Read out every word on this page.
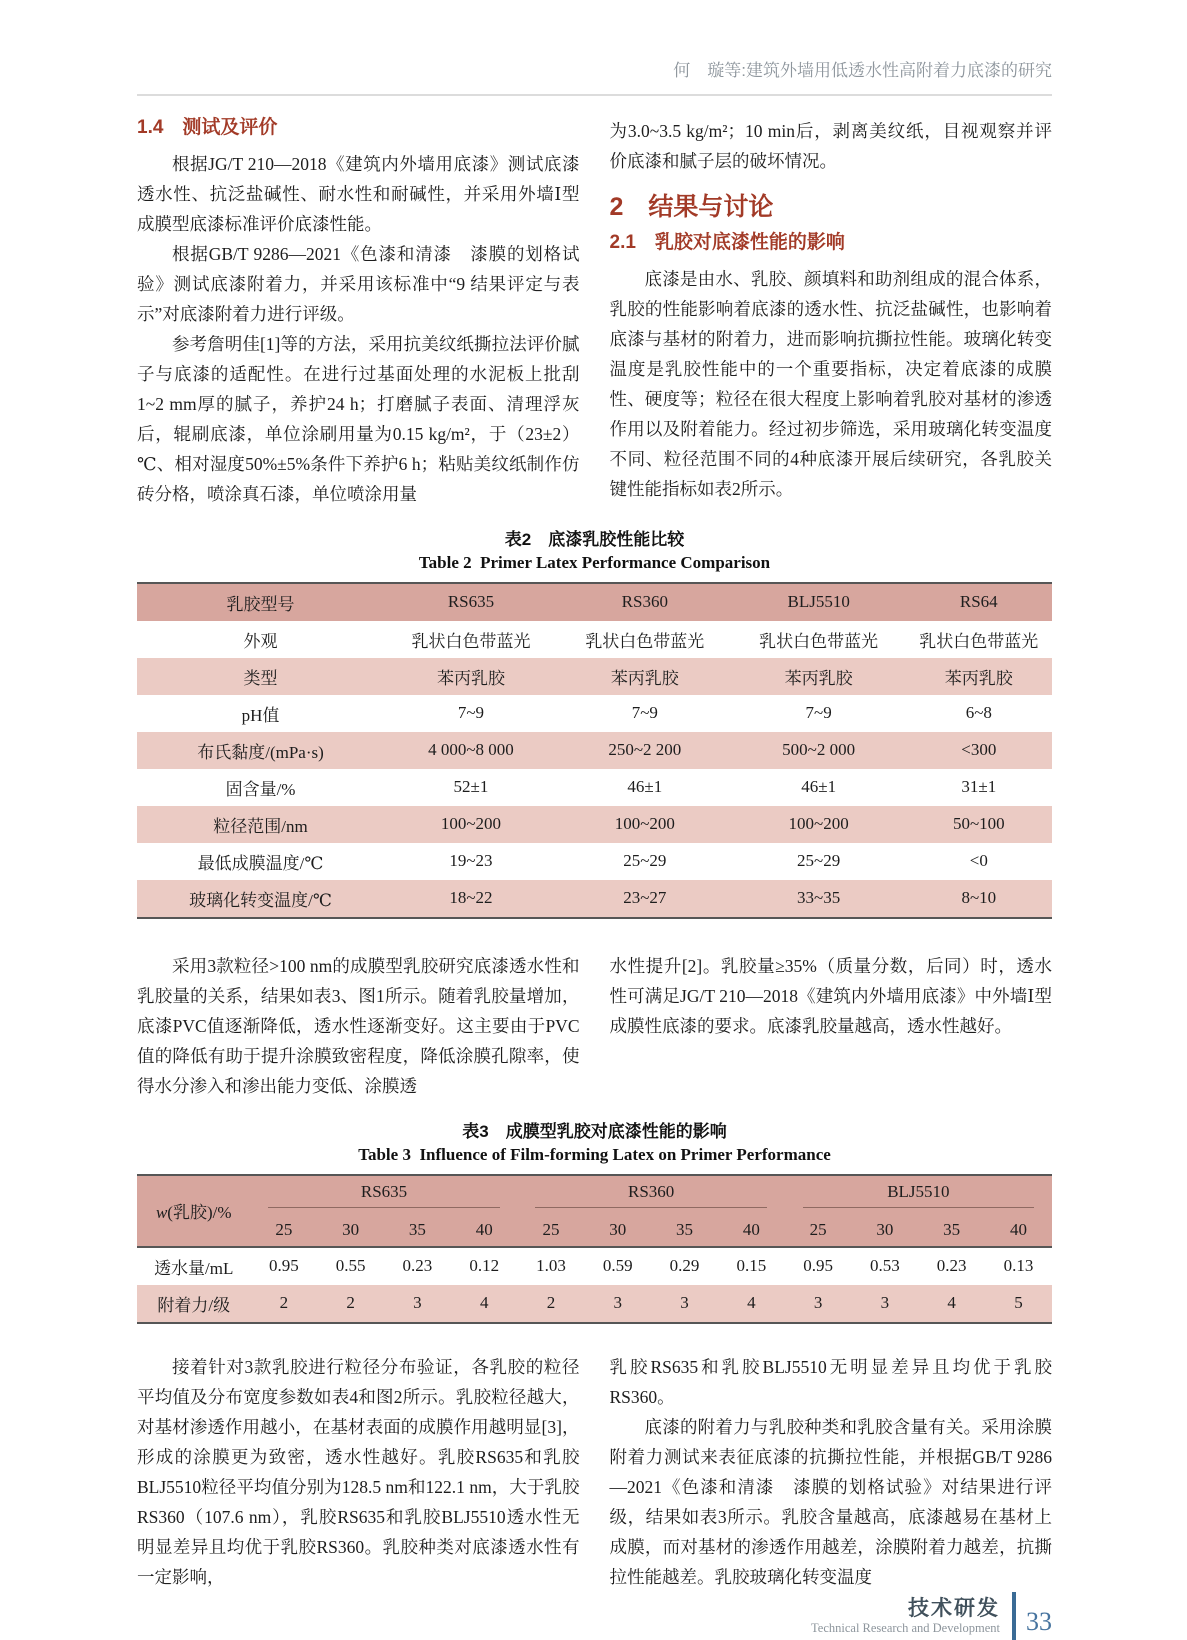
何　璇等:建筑外墙用低透水性高附着力底漆的研究
1.4　测试及评价

根据JG/T 210—2018《建筑内外墙用底漆》测试底漆透水性、抗泛盐碱性、耐水性和耐碱性，并采用外墙Ⅰ型成膜型底漆标准评价底漆性能。

根据GB/T 9286—2021《色漆和清漆　漆膜的划格试验》测试底漆附着力，并采用该标准中“9 结果评定与表示”对底漆附着力进行评级。

参考詹明佳[1]等的方法，采用抗美纹纸撕拉法评价腻子与底漆的适配性。在进行过基面处理的水泥板上批刮1~2 mm厚的腻子，养护24 h；打磨腻子表面、清理浮灰后，辊刷底漆，单位涂刷用量为0.15 kg/m²，于（23±2） ℃、相对湿度50%±5%条件下养护6 h；粘贴美纹纸制作仿砖分格，喷涂真石漆，单位喷涂用量

为3.0~3.5 kg/m²；10 min后，剥离美纹纸，目视观察并评价底漆和腻子层的破坏情况。

2　结果与讨论
2.1　乳胶对底漆性能的影响

底漆是由水、乳胶、颜填料和助剂组成的混合体系，乳胶的性能影响着底漆的透水性、抗泛盐碱性，也影响着底漆与基材的附着力，进而影响抗撕拉性能。玻璃化转变温度是乳胶性能中的一个重要指标，决定着底漆的成膜性、硬度等；粒径在很大程度上影响着乳胶对基材的渗透作用以及附着能力。经过初步筛选，采用玻璃化转变温度不同、粒径范围不同的4种底漆开展后续研究，各乳胶关键性能指标如表2所示。

表2　底漆乳胶性能比较
Table 2  Primer Latex Performance Comparison
乳胶型号	RS635	RS360	BLJ5510	RS64
外观	乳状白色带蓝光	乳状白色带蓝光	乳状白色带蓝光	乳状白色带蓝光
类型	苯丙乳胶	苯丙乳胶	苯丙乳胶	苯丙乳胶
pH值	7~9	7~9	7~9	6~8
布氏黏度/(mPa·s)	4 000~8 000	250~2 200	500~2 000	<300
固含量/%	52±1	46±1	46±1	31±1
粒径范围/nm	100~200	100~200	100~200	50~100
最低成膜温度/℃	19~23	25~29	25~29	<0
玻璃化转变温度/℃	18~22	23~27	33~35	8~10

采用3款粒径>100 nm的成膜型乳胶研究底漆透水性和乳胶量的关系，结果如表3、图1所示。随着乳胶量增加，底漆PVC值逐渐降低，透水性逐渐变好。这主要由于PVC值的降低有助于提升涂膜致密程度，降低涂膜孔隙率，使得水分渗入和渗出能力变低、涂膜透

水性提升[2]。乳胶量≥35%（质量分数，后同）时，透水性可满足JG/T 210—2018《建筑内外墙用底漆》中外墙Ⅰ型成膜性底漆的要求。底漆乳胶量越高，透水性越好。

表3　成膜型乳胶对底漆性能的影响
Table 3  Influence of Film-forming Latex on Primer Performance
w(乳胶)/%	RS635				RS360				BLJ5510			
	25	30	35	40	25	30	35	40	25	30	35	40
透水量/mL	0.95	0.55	0.23	0.12	1.03	0.59	0.29	0.15	0.95	0.53	0.23	0.13
附着力/级	2	2	3	4	2	3	3	4	3	3	4	5

接着针对3款乳胶进行粒径分布验证，各乳胶的粒径平均值及分布宽度参数如表4和图2所示。乳胶粒径越大，对基材渗透作用越小，在基材表面的成膜作用越明显[3]，形成的涂膜更为致密，透水性越好。乳胶RS635和乳胶BLJ5510粒径平均值分别为128.5 nm和122.1 nm，大于乳胶RS360（107.6 nm），乳胶RS635和乳胶BLJ5510透水性无明显差异且均优于乳胶RS360。乳胶种类对底漆透水性有一定影响，

乳胶RS635和乳胶BLJ5510无明显差异且均优于乳胶RS360。

底漆的附着力与乳胶种类和乳胶含量有关。采用涂膜附着力测试来表征底漆的抗撕拉性能，并根据GB/T 9286—2021《色漆和清漆　漆膜的划格试验》对结果进行评级，结果如表3所示。乳胶含量越高，底漆越易在基材上成膜，而对基材的渗透作用越差，涂膜附着力越差，抗撕拉性能越差。乳胶玻璃化转变温度

技术研发
Technical Research and Development 33
